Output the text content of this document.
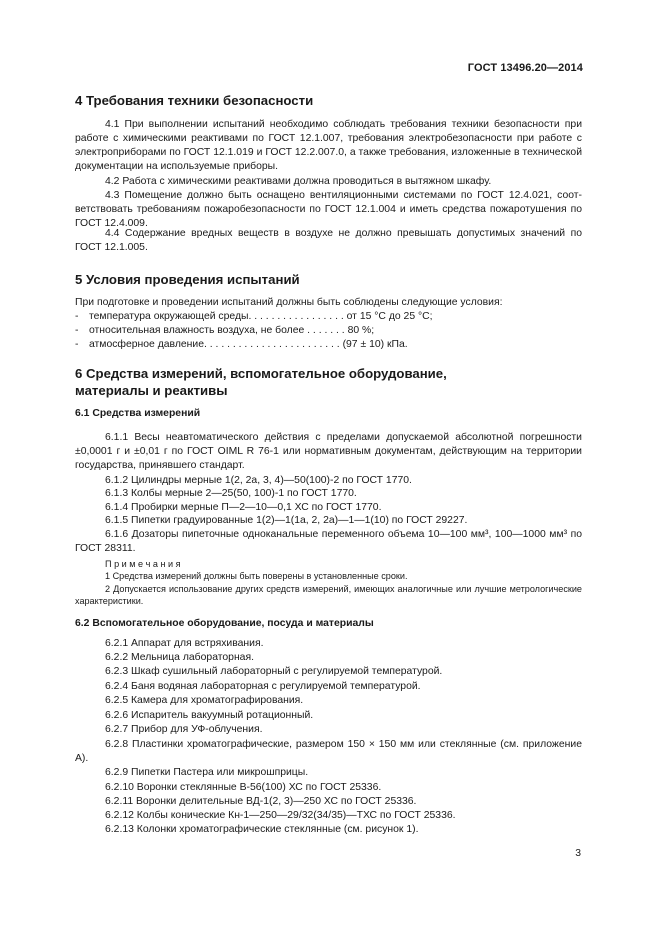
ГОСТ 13496.20—2014
4 Требования техники безопасности
4.1 При выполнении испытаний необходимо соблюдать требования техники безопасности при работе с химическими реактивами по ГОСТ 12.1.007, требования электробезопасности при работе с электроприборами по ГОСТ 12.1.019 и ГОСТ 12.2.007.0, а также требования, изложенные в технической документации на используемые приборы.
4.2 Работа с химическими реактивами должна проводиться в вытяжном шкафу.
4.3 Помещение должно быть оснащено вентиляционными системами по ГОСТ 12.4.021, соответствовать требованиям пожаробезопасности по ГОСТ 12.1.004 и иметь средства пожаротушения по ГОСТ 12.4.009.
4.4 Содержание вредных веществ в воздухе не должно превышать допустимых значений по ГОСТ 12.1.005.
5 Условия проведения испытаний
При подготовке и проведении испытаний должны быть соблюдены следующие условия:
-	температура окружающей среды. . . . . . . . . . . . . . . . . от 15 °С до 25 °С;
-	относительная влажность воздуха, не более . . . . . . . 80 %;
-	атмосферное давление. . . . . . . . . . . . . . . . . . . . . . . . (97 ± 10) кПа.
6 Средства измерений, вспомогательное оборудование,
материалы и реактивы
6.1 Средства измерений
6.1.1 Весы неавтоматического действия с пределами допускаемой абсолютной погрешности ±0,0001 г и ±0,01 г по ГОСТ OIML R 76-1 или нормативным документам, действующим на территории государства, принявшего стандарт.
6.1.2 Цилиндры мерные 1(2, 2а, 3, 4)—50(100)-2 по ГОСТ 1770.
6.1.3 Колбы мерные 2—25(50, 100)-1 по ГОСТ 1770.
6.1.4 Пробирки мерные П—2—10—0,1 ХС по ГОСТ 1770.
6.1.5 Пипетки градуированные 1(2)—1(1а, 2, 2а)—1—1(10) по ГОСТ 29227.
6.1.6 Дозаторы пипеточные одноканальные переменного объема 10—100 мм³, 100—1000 мм³ по ГОСТ 28311.
П р и м е ч а н и я
1 Средства измерений должны быть поверены в установленные сроки.
2 Допускается использование других средств измерений, имеющих аналогичные или лучшие метрологические характеристики.
6.2 Вспомогательное оборудование, посуда и материалы
6.2.1 Аппарат для встряхивания.
6.2.2 Мельница лабораторная.
6.2.3 Шкаф сушильный лабораторный с регулируемой температурой.
6.2.4 Баня водяная лабораторная с регулируемой температурой.
6.2.5 Камера для хроматографирования.
6.2.6 Испаритель вакуумный ротационный.
6.2.7 Прибор для УФ-облучения.
6.2.8 Пластинки хроматографические, размером 150 × 150 мм или стеклянные (см. приложение А).
6.2.9 Пипетки Пастера или микрошприцы.
6.2.10 Воронки стеклянные В-56(100) ХС по ГОСТ 25336.
6.2.11 Воронки делительные ВД-1(2, 3)—250 ХС по ГОСТ 25336.
6.2.12 Колбы конические Кн-1—250—29/32(34/35)—ТХС по ГОСТ 25336.
6.2.13 Колонки хроматографические стеклянные (см. рисунок 1).
3
